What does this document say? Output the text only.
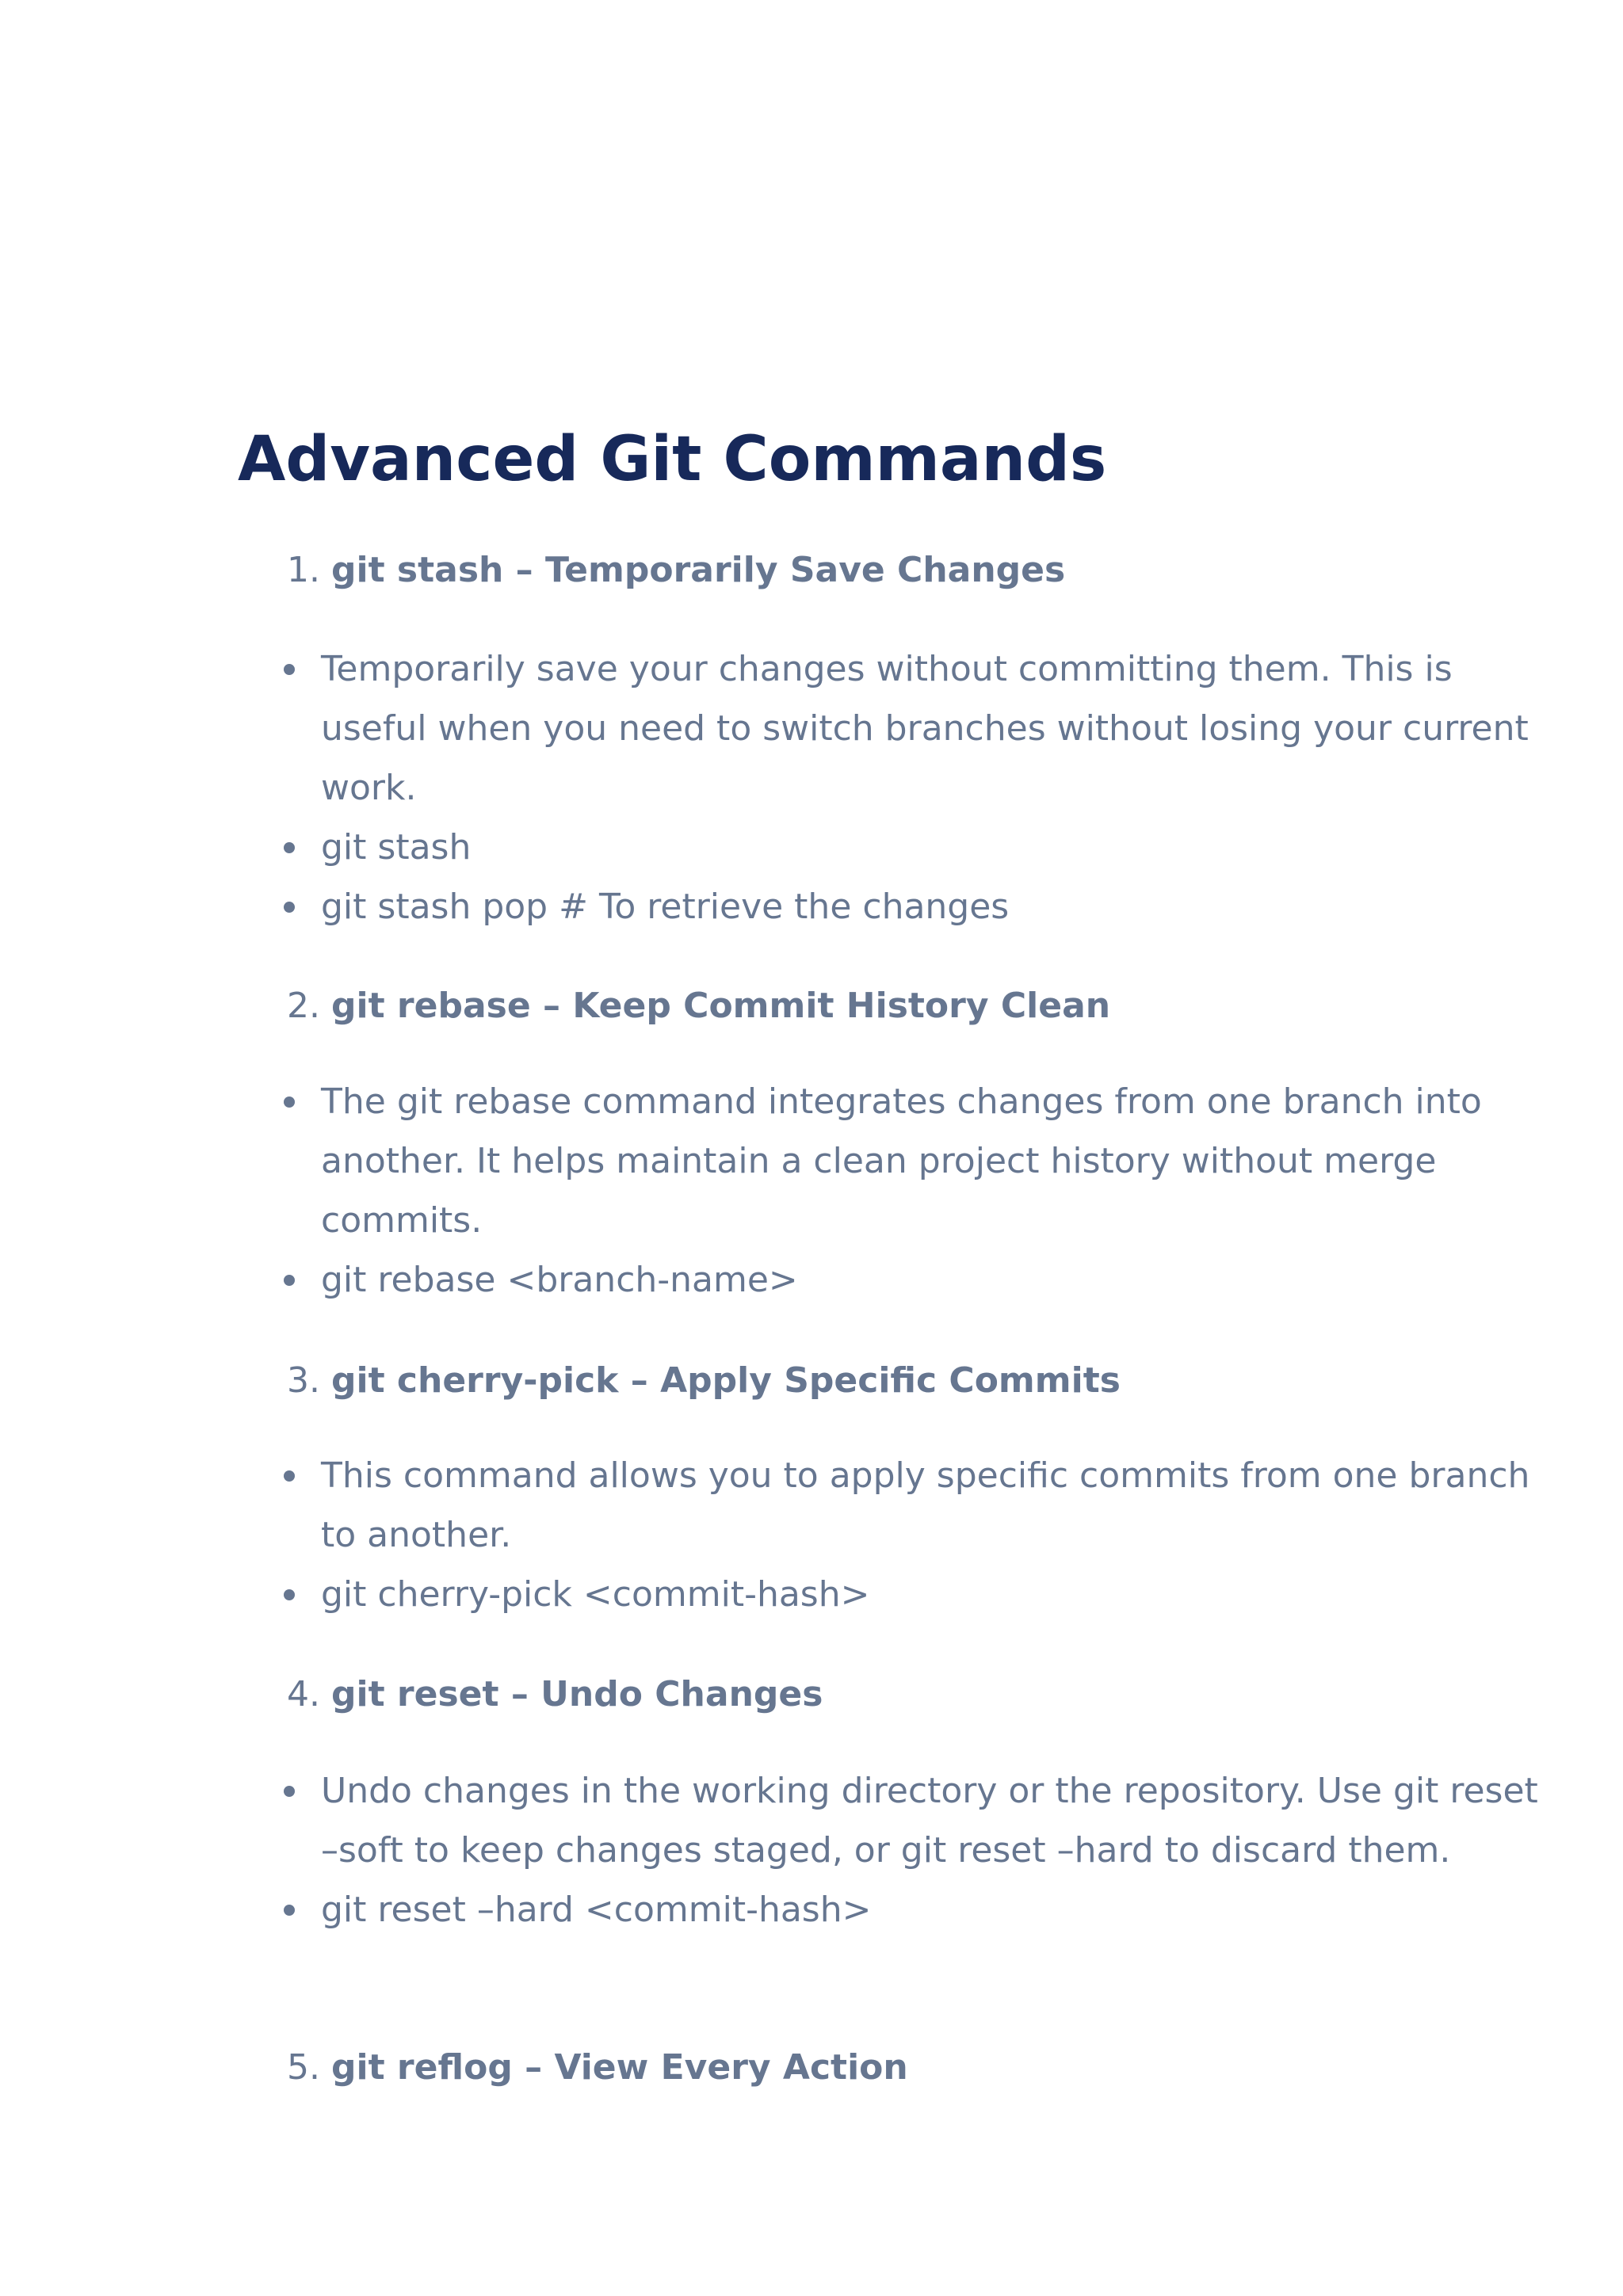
Advanced Git Commands
1. git stash – Temporarily Save Changes
Temporarily save your changes without committing them. This is useful when you need to switch branches without losing your current work.
git stash
git stash pop # To retrieve the changes
2. git rebase – Keep Commit History Clean
The git rebase command integrates changes from one branch into another. It helps maintain a clean project history without merge commits.
git rebase <branch-name>
3. git cherry-pick – Apply Specific Commits
This command allows you to apply specific commits from one branch to another.
git cherry-pick <commit-hash>
4. git reset – Undo Changes
Undo changes in the working directory or the repository. Use git reset –soft to keep changes staged, or git reset –hard to discard them.
git reset –hard <commit-hash>
5. git reflog – View Every Action
